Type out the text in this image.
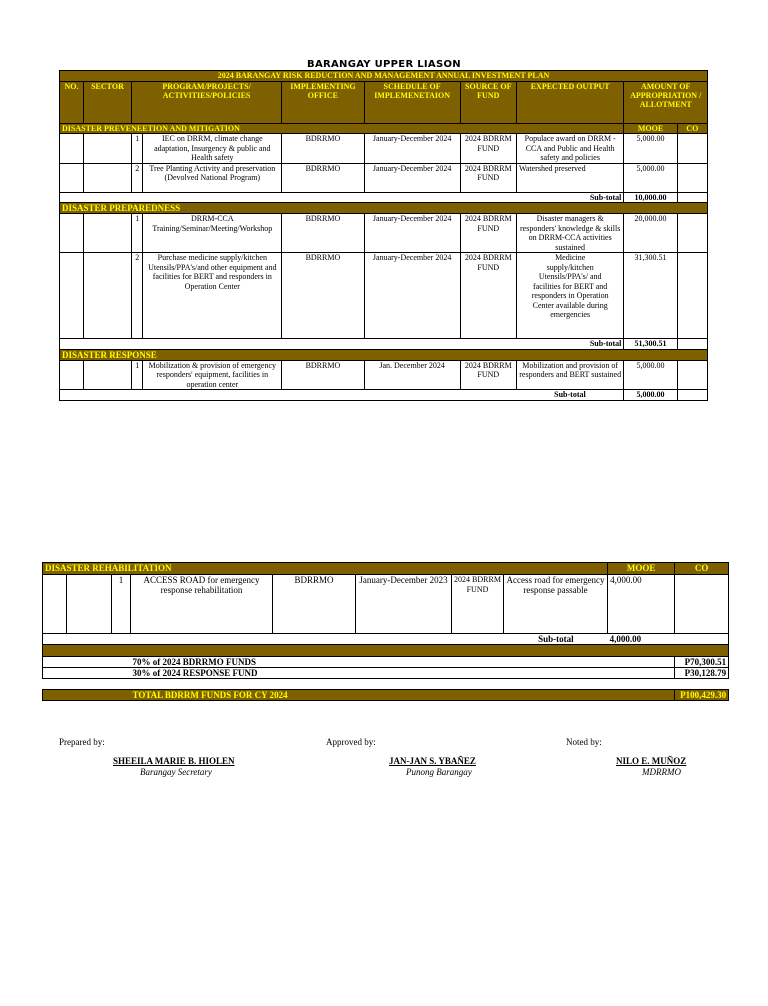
BARANGAY UPPER LIASON
2024 BARANGAY RISK REDUCTION AND MANAGEMENT ANNUAL INVESTMENT PLAN									
NO.	SECTOR	PROGRAM/PROJECTS/ ACTIVITIES/POLICIES		IMPLEMENTING OFFICE	SCHEDULE OF IMPLEMENETAION	SOURCE OF FUND	EXPECTED OUTPUT	AMOUNT OF APPROPRIATION / ALLOTMENT	
DISASTER PREVENEETION AND MITIGATION								MOOE	CO
		1	IEC on DRRM, climate change adaptation, Insurgency & public and Health safety	BDRRMO	January-December 2024	2024 BDRRM FUND	Populace award on DRRM - CCA and Public and Health safety and policies	5,000.00	
		2	Tree Planting Activity and preservation (Devolved National Program)	BDRRMO	January-December 2024	2024 BDRRM FUND	Watershed preserved	5,000.00	
							Sub-total	10,000.00	
DISASTER PREPAREDNESS									
		1	DRRM-CCA Training/Seminar/Meeting/Workshop	BDRRMO	January-December 2024	2024 BDRRM FUND	Disaster managers & responders' knowledge & skills on DRRM-CCA activities sustained	20,000.00	
		2	Purchase medicine supply/kitchen Utensils/PPA's/and other equipment and facilities for BERT and responders in Operation Center	BDRRMO	January-December 2024	2024 BDRRM FUND	Medicine supply/kitchen Utensils/PPA's/ and facilities for BERT and responders in Operation Center available during emergencies	31,300.51	
							Sub-total	51,300.51	
DISASTER RESPONSE									
		1	Mobilization & provision of emergency responders' equipment, facilities in operation center	BDRRMO	Jan. December 2024	2024 BDRRM FUND	Mobilization and provision of responders and BERT sustained	5,000.00	
							Sub-total	5,000.00	
DISASTER REHABILITATION								MOOE	CO
		1	ACCESS ROAD for emergency response rehabilitation	BDRRMO	January-December 2023	2024 BDRRM FUND	Access road for emergency response passable	4,000.00	
Sub-total								4,000.00	

			70% of 2024 BDRRMO FUNDS						P70,300.51
			30% of 2024 RESPONSE FUND						P30,128.79

			TOTAL BDRRM FUNDS FOR CY 2024						P100,429.30
Prepared by:	Approved by:	Noted by:
SHEEILA MARIE B. HIOLEN
Barangay Secretary
JAN-JAN S. YBAÑEZ
Punong Barangay
NILO E. MUÑOZ
MDRRMO
